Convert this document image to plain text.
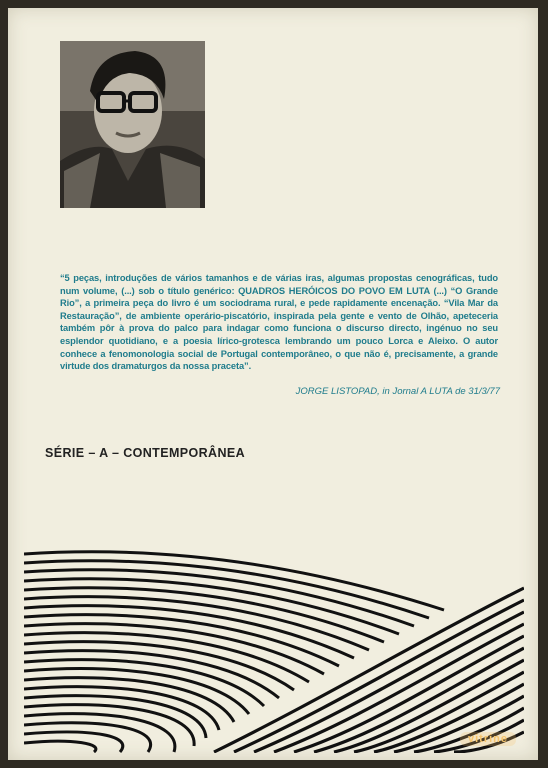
“5 peças, introduções de vários tamanhos e de várias iras, algumas propostas cenográficas, tudo num volume, (...) sob o título genérico: QUADROS HERÓICOS DO POVO EM LUTA (...) “O Grande Rio”, a primeira peça do livro é um sociodrama rural, e pede rapidamente encenação. “Vila Mar da Restauração”, de ambiente operário-piscatório, inspirada pela gente e vento de Olhão, apeteceria também pôr à prova do palco para indagar como funciona o discurso directo, ingénuo no seu esplendor quotidiano, e a poesia lírico-grotesca lembrando um pouco Lorca e Aleixo. O autor conhece a fenomonologia social de Portugal contemporâneo, o que não é, precisamente, a grande virtude dos dramaturgos da nossa praceta”.

JORGE LISTOPAD, in Jornal A LUTA de 31/3/77
SÉRIE – A – CONTEMPORÂNEA
vitrine
